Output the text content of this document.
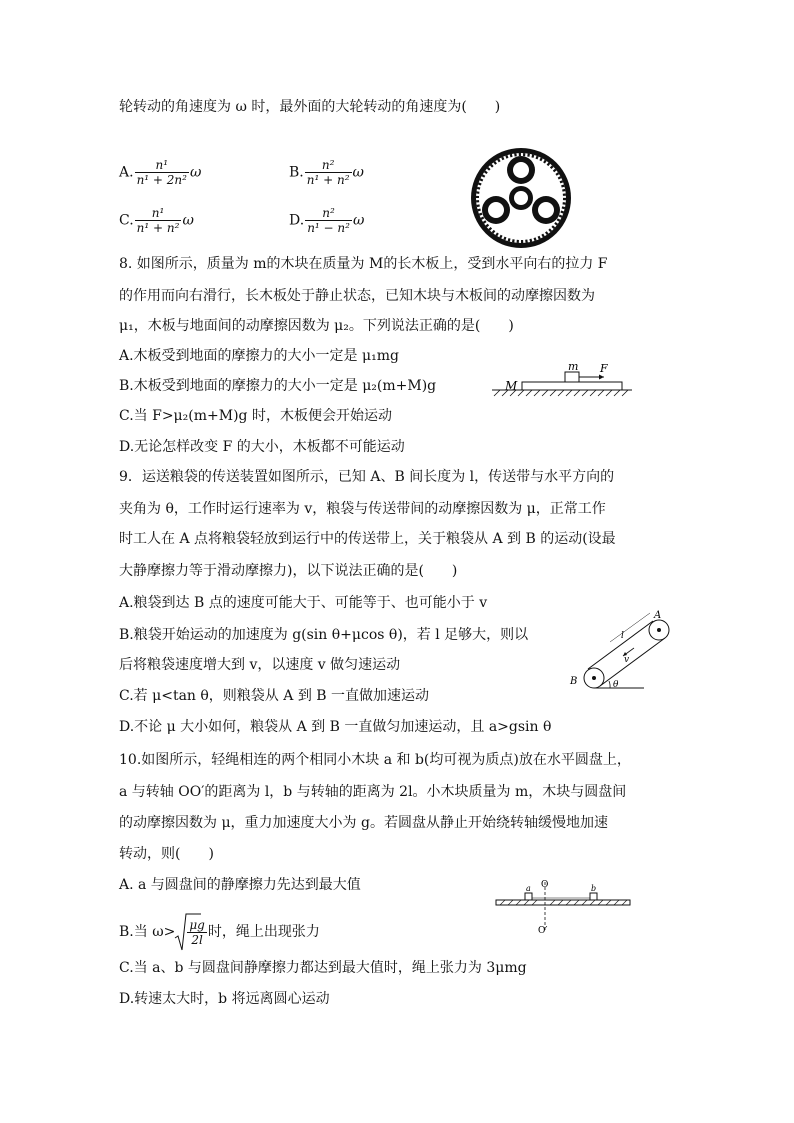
轮转动的角速度为 ω 时，最外面的大轮转动的角速度为(　　)
A. $\frac{\text{n¹}}{\text{n¹ + 2n²}}$ ω	B. $\frac{\text{n²}}{\text{n¹ + n²}}$ ω
C. $\frac{\text{n¹}}{\text{n¹ + n²}}$ ω	D. $\frac{\text{n²}}{\text{n¹ − n²}}$ ω
8. 如图所示，质量为 m的木块在质量为 M的长木板上，受到水平向右的拉力 F
的作用而向右滑行，长木板处于静止状态，已知木块与木板间的动摩擦因数为
μ₁，木板与地面间的动摩擦因数为 μ₂。下列说法正确的是(　　)
A.木板受到地面的摩擦力的大小一定是 μ₁mg
B.木板受到地面的摩擦力的大小一定是 μ₂(m+M)g
C.当 F>μ₂(m+M)g 时，木板便会开始运动
D.无论怎样改变 F 的大小，木板都不可能运动
m F
M
9．运送粮袋的传送装置如图所示，已知 A、B 间长度为 l，传送带与水平方向的
夹角为 θ，工作时运行速率为 v，粮袋与传送带间的动摩擦因数为 μ，正常工作
时工人在 A 点将粮袋轻放到运行中的传送带上，关于粮袋从 A 到 B 的运动(设最
大静摩擦力等于滑动摩擦力)，以下说法正确的是(　　)
A.粮袋到达 B 点的速度可能大于、可能等于、也可能小于 v
B.粮袋开始运动的加速度为 g(sin θ+μcos θ)，若 l 足够大，则以
后将粮袋速度增大到 v，以速度 v 做匀速运动
C.若 μ<tan θ，则粮袋从 A 到 B 一直做加速运动
D.不论 μ 大小如何，粮袋从 A 到 B 一直做匀加速运动，且 a>gsin θ
A
B
l
v
θ
10.如图所示，轻绳相连的两个相同小木块 a 和 b(均可视为质点)放在水平圆盘上，
a 与转轴 OO′的距离为 l，b 与转轴的距离为 2l。小木块质量为 m，木块与圆盘间
的动摩擦因数为 μ，重力加速度大小为 g。若圆盘从静止开始绕转轴缓慢地加速
转动，则(　　)
A. a 与圆盘间的静摩擦力先达到最大值
B.当 $\omega> \frac{\mu g}{2l}$ 时，绳上出现张力
C.当 a、b 与圆盘间静摩擦力都达到最大值时，绳上张力为 3μmg
D.转速太大时，b 将远离圆心运动
O
O′
a	b
